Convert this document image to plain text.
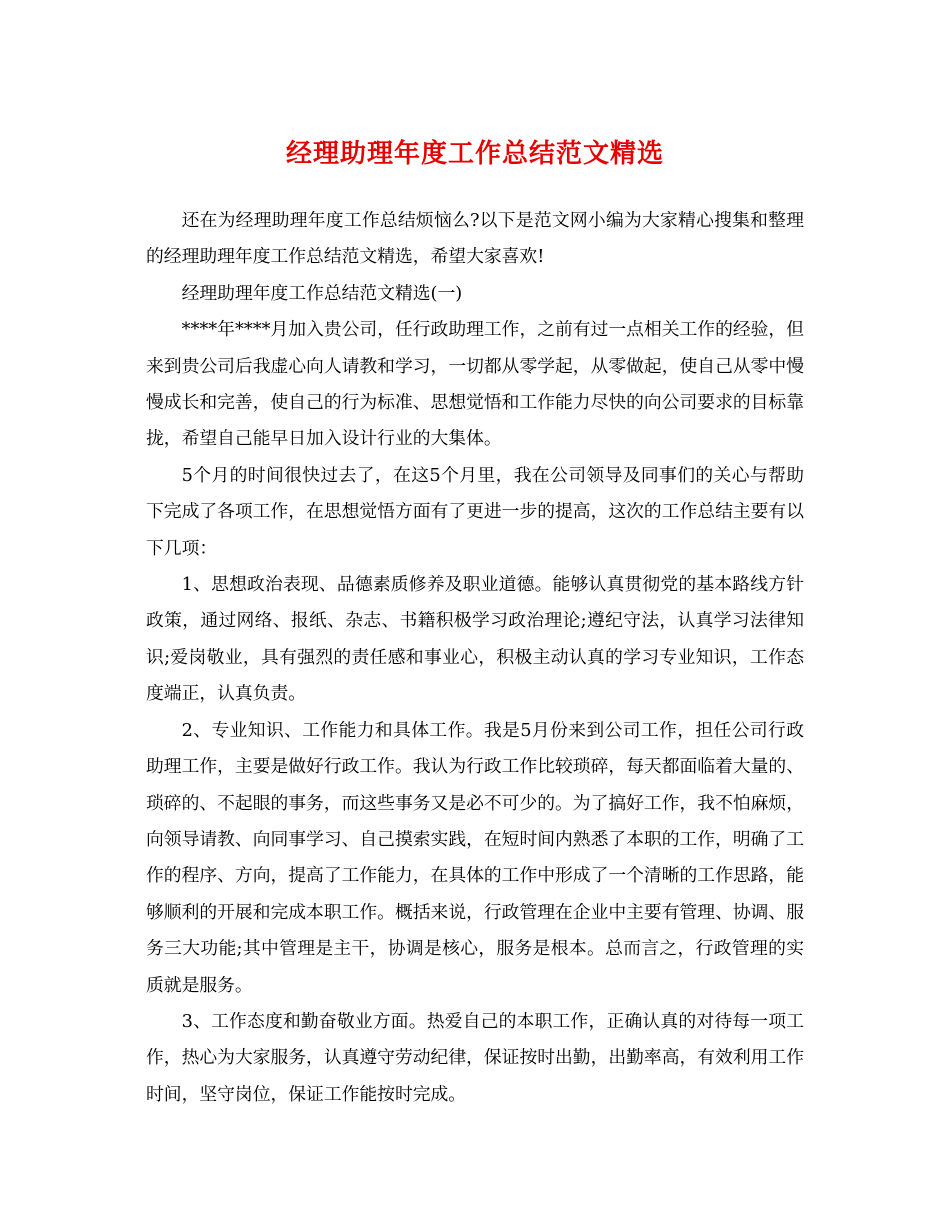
经理助理年度工作总结范文精选

还在为经理助理年度工作总结烦恼么?以下是范文网小编为大家精心搜集和整理的经理助理年度工作总结范文精选，希望大家喜欢!

经理助理年度工作总结范文精选(一)

****年****月加入贵公司，任行政助理工作，之前有过一点相关工作的经验，但来到贵公司后我虚心向人请教和学习，一切都从零学起，从零做起，使自己从零中慢慢成长和完善，使自己的行为标准、思想觉悟和工作能力尽快的向公司要求的目标靠拢，希望自己能早日加入设计行业的大集体。

5个月的时间很快过去了，在这5个月里，我在公司领导及同事们的关心与帮助下完成了各项工作，在思想觉悟方面有了更进一步的提高，这次的工作总结主要有以下几项：

1、思想政治表现、品德素质修养及职业道德。能够认真贯彻党的基本路线方针政策，通过网络、报纸、杂志、书籍积极学习政治理论;遵纪守法，认真学习法律知识;爱岗敬业，具有强烈的责任感和事业心，积极主动认真的学习专业知识，工作态度端正，认真负责。

2、专业知识、工作能力和具体工作。我是5月份来到公司工作，担任公司行政助理工作，主要是做好行政工作。我认为行政工作比较琐碎，每天都面临着大量的、琐碎的、不起眼的事务，而这些事务又是必不可少的。为了搞好工作，我不怕麻烦，向领导请教、向同事学习、自己摸索实践，在短时间内熟悉了本职的工作，明确了工作的程序、方向，提高了工作能力，在具体的工作中形成了一个清晰的工作思路，能够顺利的开展和完成本职工作。概括来说，行政管理在企业中主要有管理、协调、服务三大功能;其中管理是主干，协调是核心，服务是根本。总而言之，行政管理的实质就是服务。

3、工作态度和勤奋敬业方面。热爱自己的本职工作，正确认真的对待每一项工作，热心为大家服务，认真遵守劳动纪律，保证按时出勤，出勤率高，有效利用工作时间，坚守岗位，保证工作能按时完成。
